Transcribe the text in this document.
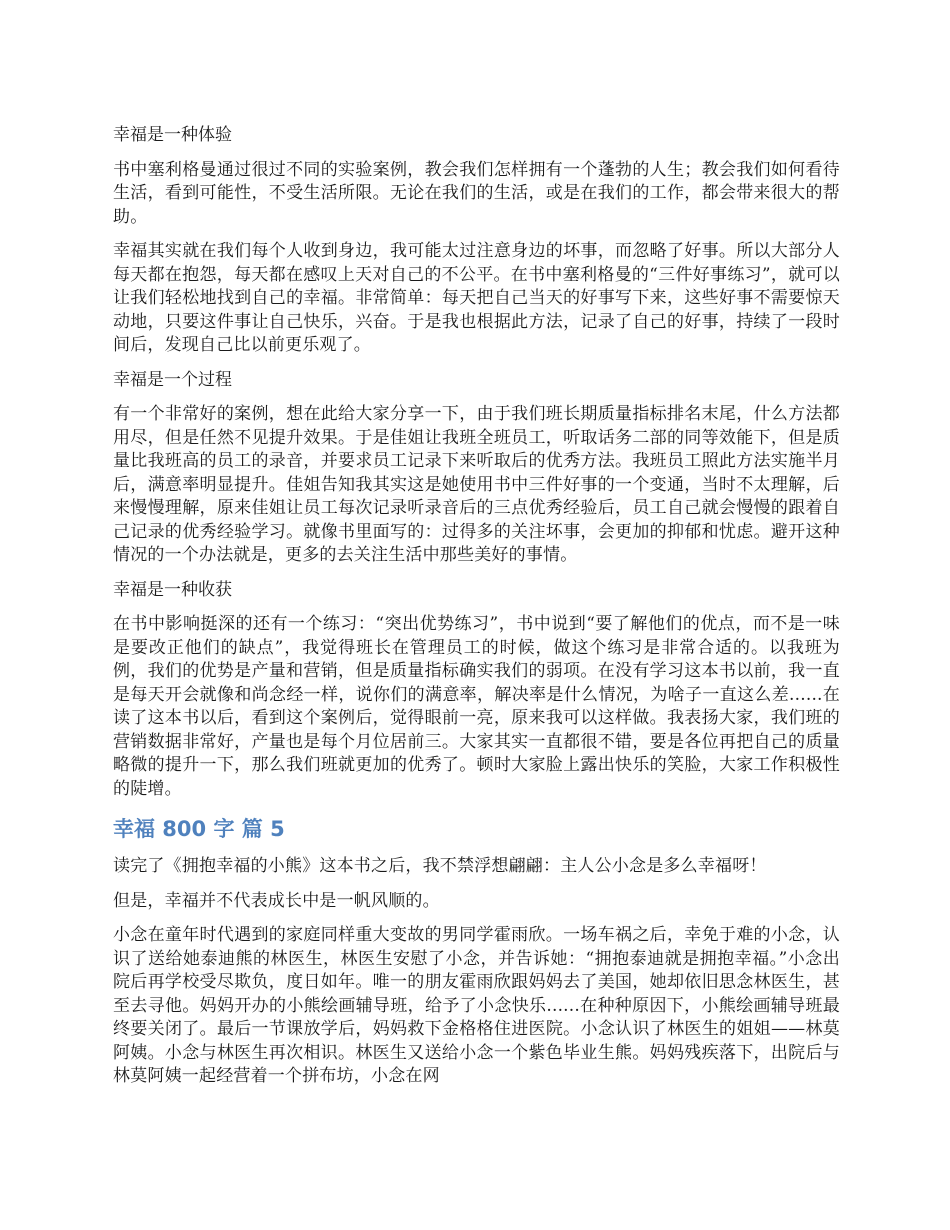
幸福是一种体验

书中塞利格曼通过很过不同的实验案例，教会我们怎样拥有一个蓬勃的人生；教会我们如何看待生活，看到可能性，不受生活所限。无论在我们的生活，或是在我们的工作，都会带来很大的帮助。

幸福其实就在我们每个人收到身边，我可能太过注意身边的坏事，而忽略了好事。所以大部分人每天都在抱怨，每天都在感叹上天对自己的不公平。在书中塞利格曼的“三件好事练习”，就可以让我们轻松地找到自己的幸福。非常简单：每天把自己当天的好事写下来，这些好事不需要惊天动地，只要这件事让自己快乐，兴奋。于是我也根据此方法，记录了自己的好事，持续了一段时间后，发现自己比以前更乐观了。

幸福是一个过程

有一个非常好的案例，想在此给大家分享一下，由于我们班长期质量指标排名末尾，什么方法都用尽，但是任然不见提升效果。于是佳姐让我班全班员工，听取话务二部的同等效能下，但是质量比我班高的员工的录音，并要求员工记录下来听取后的优秀方法。我班员工照此方法实施半月后，满意率明显提升。佳姐告知我其实这是她使用书中三件好事的一个变通，当时不太理解，后来慢慢理解，原来佳姐让员工每次记录听录音后的三点优秀经验后，员工自己就会慢慢的跟着自己记录的优秀经验学习。就像书里面写的：过得多的关注坏事，会更加的抑郁和忧虑。避开这种情况的一个办法就是，更多的去关注生活中那些美好的事情。

幸福是一种收获

在书中影响挺深的还有一个练习：“突出优势练习”，书中说到“要了解他们的优点，而不是一味是要改正他们的缺点”，我觉得班长在管理员工的时候，做这个练习是非常合适的。以我班为例，我们的优势是产量和营销，但是质量指标确实我们的弱项。在没有学习这本书以前，我一直是每天开会就像和尚念经一样，说你们的满意率，解决率是什么情况，为啥子一直这么差......在读了这本书以后，看到这个案例后，觉得眼前一亮，原来我可以这样做。我表扬大家，我们班的营销数据非常好，产量也是每个月位居前三。大家其实一直都很不错，要是各位再把自己的质量略微的提升一下，那么我们班就更加的优秀了。顿时大家脸上露出快乐的笑脸，大家工作积极性的陡增。

幸福 800 字 篇 5

读完了《拥抱幸福的小熊》这本书之后，我不禁浮想翩翩：主人公小念是多么幸福呀！

但是，幸福并不代表成长中是一帆风顺的。

小念在童年时代遇到的家庭同样重大变故的男同学霍雨欣。一场车祸之后，幸免于难的小念，认识了送给她泰迪熊的林医生，林医生安慰了小念，并告诉她：“拥抱泰迪就是拥抱幸福。”小念出院后再学校受尽欺负，度日如年。唯一的朋友霍雨欣跟妈妈去了美国，她却依旧思念林医生，甚至去寻他。妈妈开办的小熊绘画辅导班，给予了小念快乐......在种种原因下，小熊绘画辅导班最终要关闭了。最后一节课放学后，妈妈救下金格格住进医院。小念认识了林医生的姐姐——林莫阿姨。小念与林医生再次相识。林医生又送给小念一个紫色毕业生熊。妈妈残疾落下，出院后与林莫阿姨一起经营着一个拼布坊，小念在网
